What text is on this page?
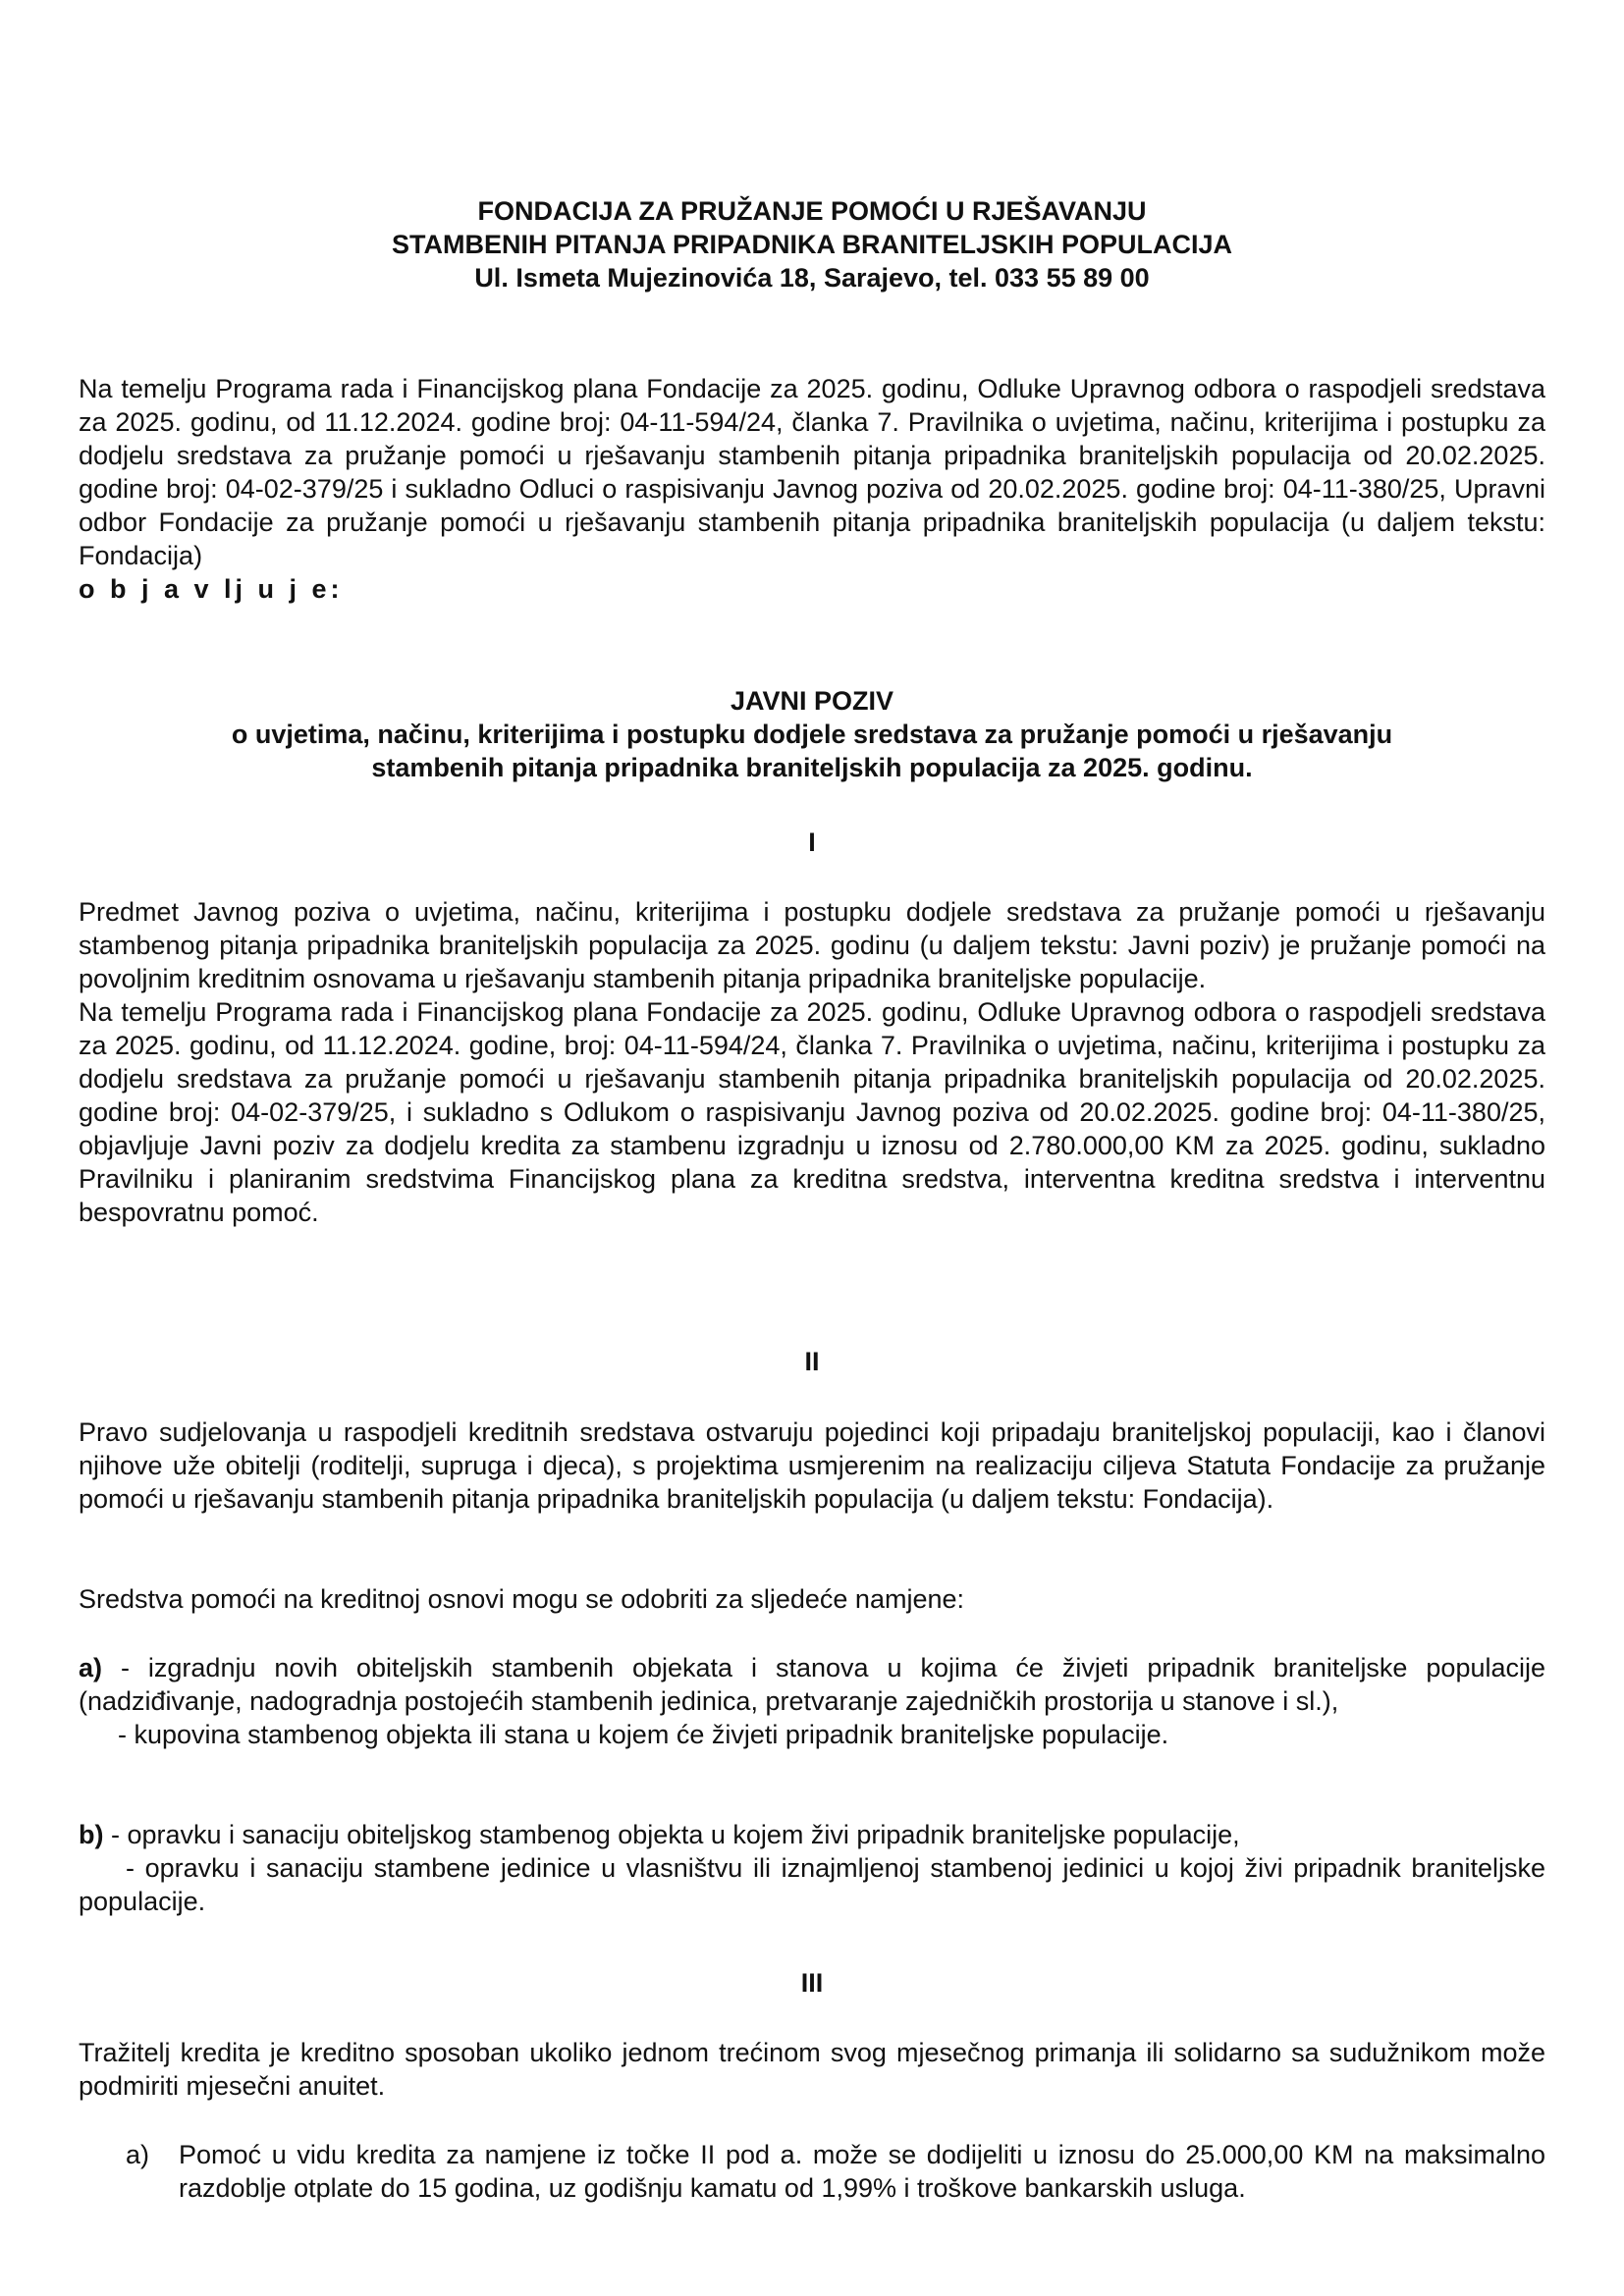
FONDACIJA ZA PRUŽANJE POMOĆI U RJEŠAVANJU

STAMBENIH PITANJA PRIPADNIKA BRANITELJSKIH POPULACIJA

Ul. Ismeta Mujezinovića 18, Sarajevo, tel. 033 55 89 00

Na temelju Programa rada i Financijskog plana Fondacije za 2025. godinu, Odluke Upravnog odbora o raspodjeli sredstava za 2025. godinu, od 11.12.2024. godine broj: 04-11-594/24, članka 7. Pravilnika o uvjetima, načinu, kriterijima i postupku za dodjelu sredstava za pružanje pomoći u rješavanju stambenih pitanja pripadnika braniteljskih populacija od 20.02.2025. godine broj: 04-02-379/25 i sukladno Odluci o raspisivanju Javnog poziva od 20.02.2025. godine broj: 04-11-380/25, Upravni odbor Fondacije za pružanje pomoći u rješavanju stambenih pitanja pripadnika braniteljskih populacija (u daljem tekstu: Fondacija)

o b j a v lj u j e:

JAVNI POZIV

o uvjetima, načinu, kriterijima i postupku dodjele sredstava za pružanje pomoći u rješavanju

stambenih pitanja pripadnika braniteljskih populacija za 2025. godinu.

I

Predmet Javnog poziva o uvjetima, načinu, kriterijima i postupku dodjele sredstava za pružanje pomoći u rješavanju stambenog pitanja pripadnika braniteljskih populacija za 2025. godinu (u daljem tekstu: Javni poziv) je pružanje pomoći na povoljnim kreditnim osnovama u rješavanju stambenih pitanja pripadnika braniteljske populacije.

Na temelju Programa rada i Financijskog plana Fondacije za 2025. godinu, Odluke Upravnog odbora o raspodjeli sredstava za 2025. godinu, od 11.12.2024. godine, broj: 04-11-594/24, članka 7. Pravilnika o uvjetima, načinu, kriterijima i postupku za dodjelu sredstava za pružanje pomoći u rješavanju stambenih pitanja pripadnika braniteljskih populacija od 20.02.2025. godine broj: 04-02-379/25, i sukladno s Odlukom o raspisivanju Javnog poziva od 20.02.2025. godine broj: 04-11-380/25, objavljuje Javni poziv za dodjelu kredita za stambenu izgradnju u iznosu od 2.780.000,00 KM za 2025. godinu, sukladno Pravilniku i planiranim sredstvima Financijskog plana za kreditna sredstva, interventna kreditna sredstva i interventnu bespovratnu pomoć.

II

Pravo sudjelovanja u raspodjeli kreditnih sredstava ostvaruju pojedinci koji pripadaju braniteljskoj populaciji, kao i članovi njihove uže obitelji (roditelji, supruga i djeca), s projektima usmjerenim na realizaciju ciljeva Statuta Fondacije za pružanje pomoći u rješavanju stambenih pitanja pripadnika braniteljskih populacija (u daljem tekstu: Fondacija).

Sredstva pomoći na kreditnoj osnovi mogu se odobriti za sljedeće namjene:

a) - izgradnju novih obiteljskih stambenih objekata i stanova u kojima će živjeti pripadnik braniteljske populacije (nadziđivanje, nadogradnja postojećih stambenih jedinica, pretvaranje zajedničkih prostorija u stanove i sl.),

- kupovina stambenog objekta ili stana u kojem će živjeti pripadnik braniteljske populacije.

b) - opravku i sanaciju obiteljskog stambenog objekta u kojem živi pripadnik braniteljske populacije,

- opravku i sanaciju stambene jedinice u vlasništvu ili iznajmljenoj stambenoj jedinici u kojoj živi pripadnik braniteljske populacije.

III

Tražitelj kredita je kreditno sposoban ukoliko jednom trećinom svog mjesečnog primanja ili solidarno sa sudužnikom može podmiriti mjesečni anuitet.

a)	Pomoć u vidu kredita za namjene iz točke II pod a. može se dodijeliti u iznosu do 25.000,00 KM na maksimalno razdoblje otplate do 15 godina, uz godišnju kamatu od 1,99% i troškove bankarskih usluga.
